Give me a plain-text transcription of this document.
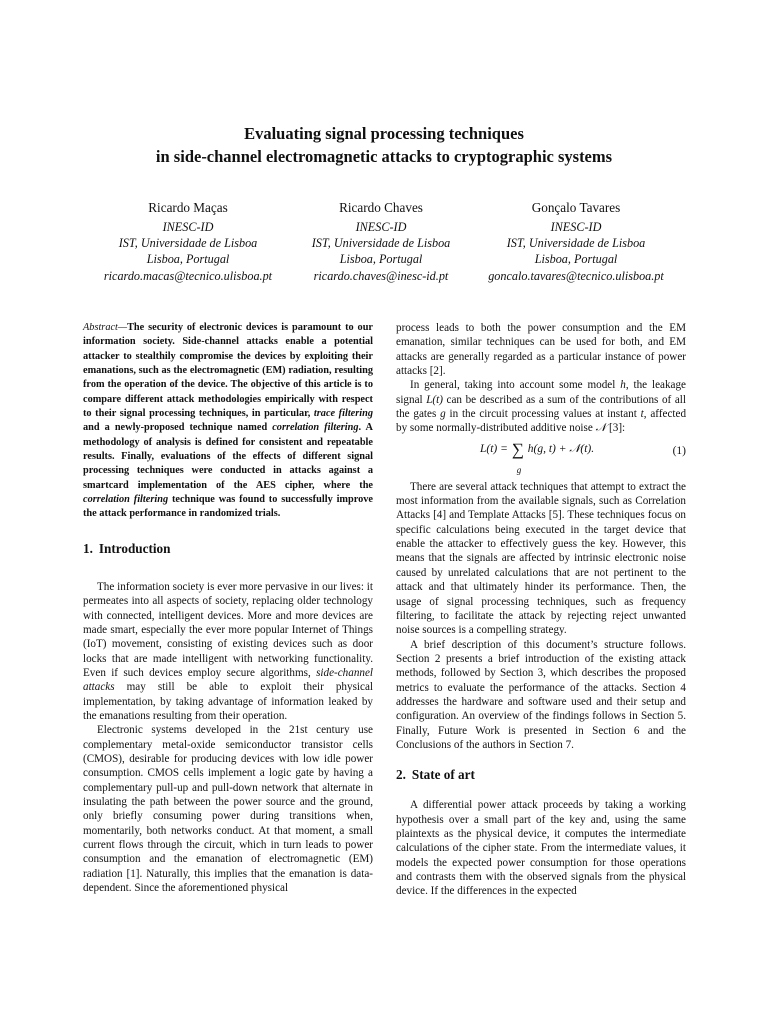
Evaluating signal processing techniques
in side-channel electromagnetic attacks to cryptographic systems
Ricardo Maças
INESC-ID
IST, Universidade de Lisboa
Lisboa, Portugal
ricardo.macas@tecnico.ulisboa.pt
Ricardo Chaves
INESC-ID
IST, Universidade de Lisboa
Lisboa, Portugal
ricardo.chaves@inesc-id.pt
Gonçalo Tavares
INESC-ID
IST, Universidade de Lisboa
Lisboa, Portugal
goncalo.tavares@tecnico.ulisboa.pt

Abstract—The security of electronic devices is paramount to our information society. Side-channel attacks enable a potential attacker to stealthily compromise the devices by exploiting their emanations, such as the electromagnetic (EM) radiation, resulting from the operation of the device. The objective of this article is to compare different attack methodologies empirically with respect to their signal processing techniques, in particular, trace filtering and a newly-proposed technique named correlation filtering. A methodology of analysis is defined for consistent and repeatable results. Finally, evaluations of the effects of different signal processing techniques were conducted in attacks against a smartcard implementation of the AES cipher, where the correlation filtering technique was found to successfully improve the attack performance in randomized trials.

1. Introduction

The information society is ever more pervasive in our lives: it permeates into all aspects of society, replacing older technology with connected, intelligent devices. More and more devices are made smart, especially the ever more popular Internet of Things (IoT) movement, consisting of existing devices such as door locks that are made intelligent with networking functionality. Even if such devices employ secure algorithms, side-channel attacks may still be able to exploit their physical implementation, by taking advantage of information leaked by the emanations resulting from their operation.

Electronic systems developed in the 21st century use complementary metal-oxide semiconductor transistor cells (CMOS), desirable for producing devices with low idle power consumption. CMOS cells implement a logic gate by having a complementary pull-up and pull-down network that alternate in insulating the path between the power source and the ground, only briefly consuming power during transitions when, momentarily, both networks conduct. At that moment, a small current flows through the circuit, which in turn leads to power consumption and the emanation of electromagnetic (EM) radiation [1]. Naturally, this implies that the emanation is data-dependent. Since the aforementioned physical

process leads to both the power consumption and the EM emanation, similar techniques can be used for both, and EM attacks are generally regarded as a particular instance of power attacks [2].

In general, taking into account some model h, the leakage signal L(t) can be described as a sum of the contributions of all the gates g in the circuit processing values at instant t, affected by some normally-distributed additive noise 𝒩 [3]:

L(t) = ∑
g
h(g, t) + 𝒩(t).	(1)

There are several attack techniques that attempt to extract the most information from the available signals, such as Correlation Attacks [4] and Template Attacks [5]. These techniques focus on specific calculations being executed in the target device that enable the attacker to effectively guess the key. However, this means that the signals are affected by intrinsic electronic noise caused by unrelated calculations that are not pertinent to the attack and that ultimately hinder its performance. Then, the usage of signal processing techniques, such as frequency filtering, to facilitate the attack by rejecting reject unwanted noise sources is a compelling strategy.

A brief description of this document’s structure follows. Section 2 presents a brief introduction of the existing attack methods, followed by Section 3, which describes the proposed metrics to evaluate the performance of the attacks. Section 4 addresses the hardware and software used and their setup and configuration. An overview of the findings follows in Section 5. Finally, Future Work is presented in Section 6 and the Conclusions of the authors in Section 7.

2. State of art

A differential power attack proceeds by taking a working hypothesis over a small part of the key and, using the same plaintexts as the physical device, it computes the intermediate calculations of the cipher state. From the intermediate values, it models the expected power consumption for those operations and contrasts them with the observed signals from the physical device. If the differences in the expected
